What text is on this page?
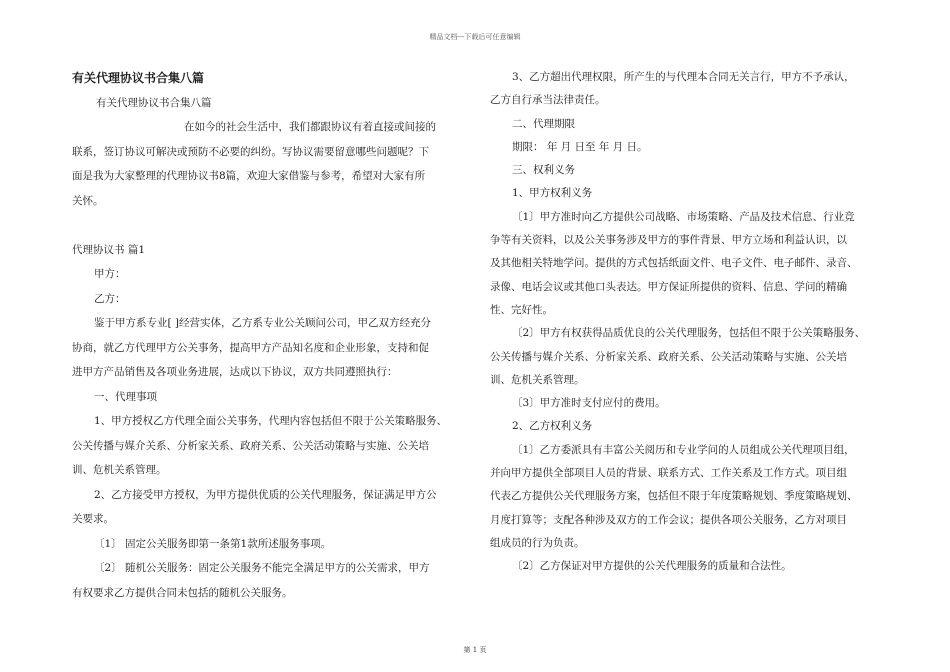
精品文档---下载后可任意编辑
有关代理协议书合集八篇
有关代理协议书合集八篇
在如今的社会生活中，我们都跟协议有着直接或间接的
联系，签订协议可解决或预防不必要的纠纷。写协议需要留意哪些问题呢？下
面是我为大家整理的代理协议书8篇，欢迎大家借鉴与参考，希望对大家有所
关怀。
代理协议书 篇1
甲方：
乙方：
鉴于甲方系专业[ ]经营实体，乙方系专业公关顾问公司，甲乙双方经充分
协商，就乙方代理甲方公关事务，提高甲方产品知名度和企业形象，支持和促
进甲方产品销售及各项业务进展，达成以下协议，双方共同遵照执行：
一、代理事项
1、甲方授权乙方代理全面公关事务，代理内容包括但不限于公关策略服务、
公关传播与媒介关系、分析家关系、政府关系、公关活动策略与实施、公关培
训、危机关系管理。
2、乙方接受甲方授权，为甲方提供优质的公关代理服务，保证满足甲方公
关要求。
〔1〕 固定公关服务即第一条第1款所述服务事项。
〔2〕 随机公关服务：固定公关服务不能完全满足甲方的公关需求，甲方
有权要求乙方提供合同未包括的随机公关服务。
3、乙方超出代理权限，所产生的与代理本合同无关言行，甲方不予承认，
乙方自行承当法律责任。
二、代理期限
期限： 年 月 日至 年 月 日。
三、权利义务
1、甲方权利义务
〔1〕甲方准时向乙方提供公司战略、市场策略、产品及技术信息、行业竞
争等有关资料，以及公关事务涉及甲方的事件背景、甲方立场和利益认识，以
及其他相关特地学问。提供的方式包括纸面文件、电子文件、电子邮件、录音、
录像、电话会议或其他口头表达。甲方保证所提供的资料、信息、学问的精确
性、完好性。
〔2〕甲方有权获得品质优良的公关代理服务，包括但不限于公关策略服务、
公关传播与媒介关系、分析家关系、政府关系、公关活动策略与实施、公关培
训、危机关系管理。
〔3〕甲方准时支付应付的费用。
2、乙方权利义务
〔1〕乙方委派具有丰富公关阅历和专业学问的人员组成公关代理项目组，
并向甲方提供全部项目人员的背景、联系方式、工作关系及工作方式。项目组
代表乙方提供公关代理服务方案，包括但不限于年度策略规划、季度策略规划、
月度打算等；支配各种涉及双方的工作会议；提供各项公关服务，乙方对项目
组成员的行为负责。
〔2〕乙方保证对甲方提供的公关代理服务的质量和合法性。
第 1 页
